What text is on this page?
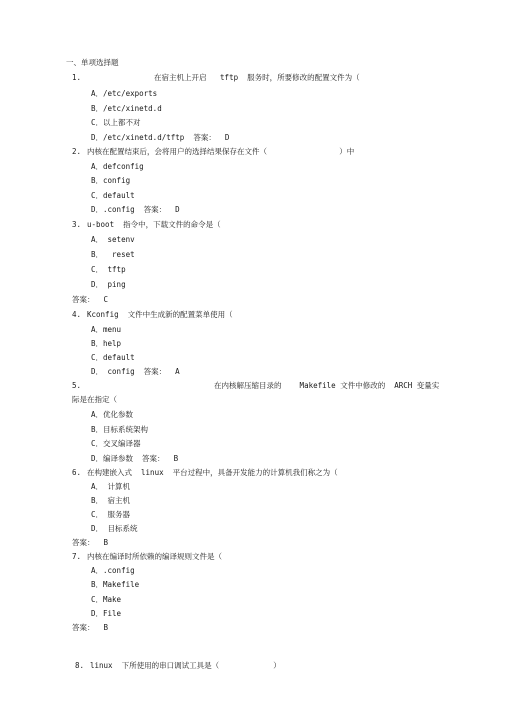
一、单项选择题
1.	在宿主机上开启   tftp  服务时，所要修改的配置文件为（
A．/etc/exports
B．/etc/xinetd.d
C．以上都不对
D．/etc/xinetd.d/tftp  答案：  D
2. 内核在配置结束后，会将用户的选择结果保存在文件（                ）中
A．defconfig
B．config
C．default
D．.config  答案：  D
3. u-boot  指令中，下载文件的命令是（
A． setenv
B．  reset
C． tftp
D． ping
答案：  C
4. Kconfig  文件中生成新的配置菜单使用（
A．menu
B．help
C．default
D． config  答案：  A
5.	在内核解压缩目录的    Makefile 文件中修改的  ARCH 变量实
际是在指定（
A．优化参数
B．目标系统架构
C．交叉编译器
D．编译参数  答案：  B
6. 在构建嵌入式  linux  平台过程中，具备开发能力的计算机我们称之为（
A． 计算机
B． 宿主机
C． 服务器
D． 目标系统
答案：  B
7. 内核在编译时所依赖的编译规则文件是（
A．.config
B．Makefile
C．Make
D．File
答案：  B
8. linux  下所使用的串口调试工具是（            ）
